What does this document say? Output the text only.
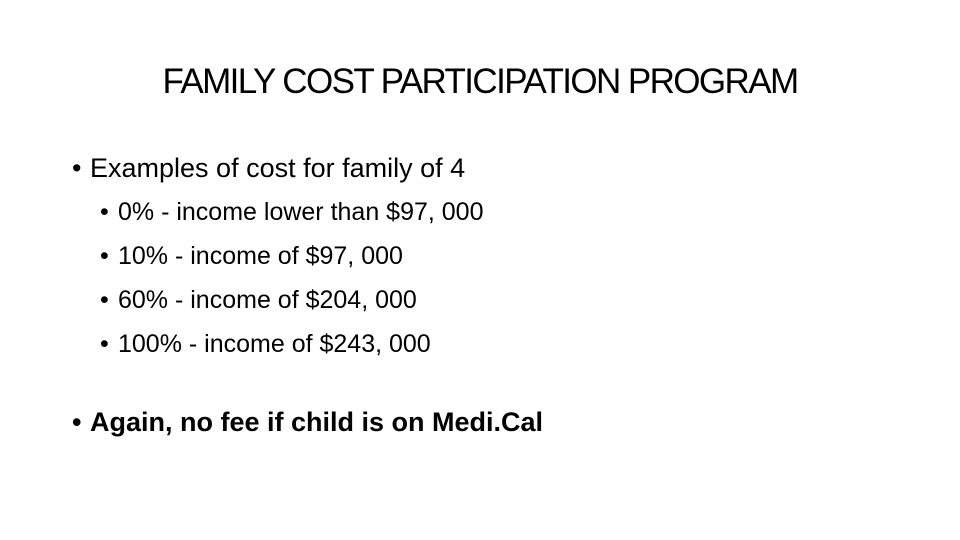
FAMILY COST PARTICIPATION PROGRAM
• Examples of cost for family of 4
• 0% - income lower than $97, 000
• 10% - income of $97, 000
• 60% - income of $204, 000
• 100% - income of $243, 000
• Again, no fee if child is on Medi.Cal
